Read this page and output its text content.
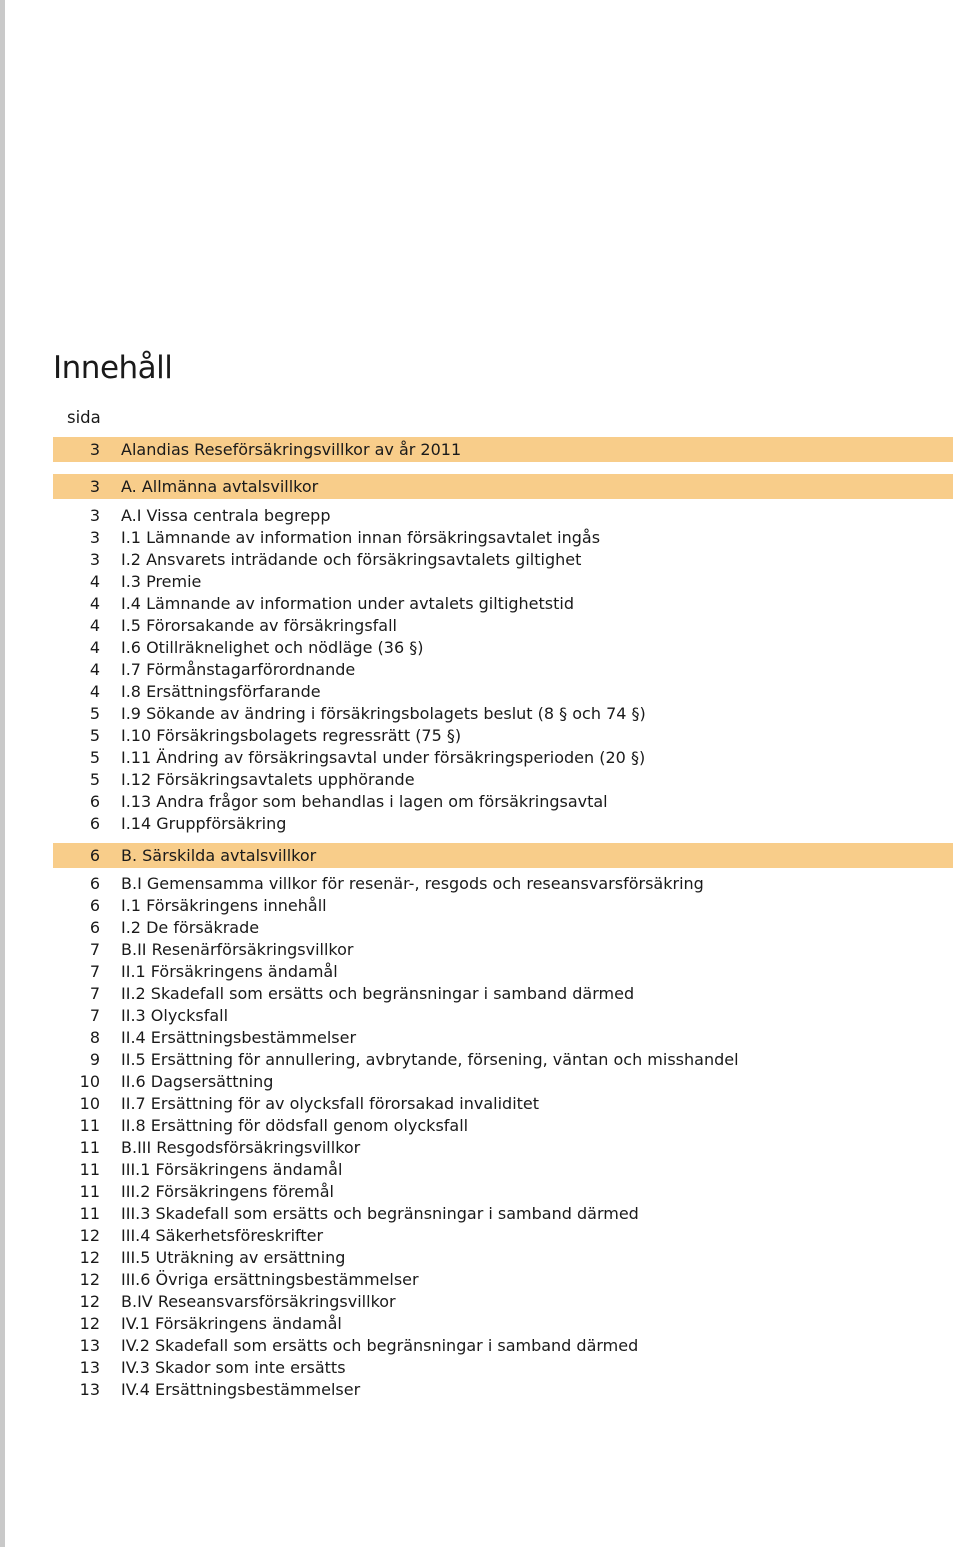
Innehåll
sida
3 Alandias Reseförsäkringsvillkor av år 2011
3 A. Allmänna avtalsvillkor
3 A.I Vissa centrala begrepp
3 I.1 Lämnande av information innan försäkringsavtalet ingås
3 I.2 Ansvarets inträdande och försäkringsavtalets giltighet
4 I.3 Premie
4 I.4 Lämnande av information under avtalets giltighetstid
4 I.5 Förorsakande av försäkringsfall
4 I.6 Otillräknelighet och nödläge (36 §)
4 I.7 Förmånstagarförordnande
4 I.8 Ersättningsförfarande
5 I.9 Sökande av ändring i försäkringsbolagets beslut (8 § och 74 §)
5 I.10 Försäkringsbolagets regressrätt (75 §)
5 I.11 Ändring av försäkringsavtal under försäkringsperioden (20 §)
5 I.12 Försäkringsavtalets upphörande
6 I.13 Andra frågor som behandlas i lagen om försäkringsavtal
6 I.14 Gruppförsäkring
6 B. Särskilda avtalsvillkor
6 B.I Gemensamma villkor för resenär-, resgods och reseansvarsförsäkring
6 I.1 Försäkringens innehåll
6 I.2 De försäkrade
7 B.II Resenärförsäkringsvillkor
7 II.1 Försäkringens ändamål
7 II.2 Skadefall som ersätts och begränsningar i samband därmed
7 II.3 Olycksfall
8 II.4 Ersättningsbestämmelser
9 II.5 Ersättning för annullering, avbrytande, försening, väntan och misshandel
10 II.6 Dagsersättning
10 II.7 Ersättning för av olycksfall förorsakad invaliditet
11 II.8 Ersättning för dödsfall genom olycksfall
11 B.III Resgodsförsäkringsvillkor
11 III.1 Försäkringens ändamål
11 III.2 Försäkringens föremål
11 III.3 Skadefall som ersätts och begränsningar i samband därmed
12 III.4 Säkerhetsföreskrifter
12 III.5 Uträkning av ersättning
12 III.6 Övriga ersättningsbestämmelser
12 B.IV Reseansvarsförsäkringsvillkor
12 IV.1 Försäkringens ändamål
13 IV.2 Skadefall som ersätts och begränsningar i samband därmed
13 IV.3 Skador som inte ersätts
13 IV.4 Ersättningsbestämmelser
